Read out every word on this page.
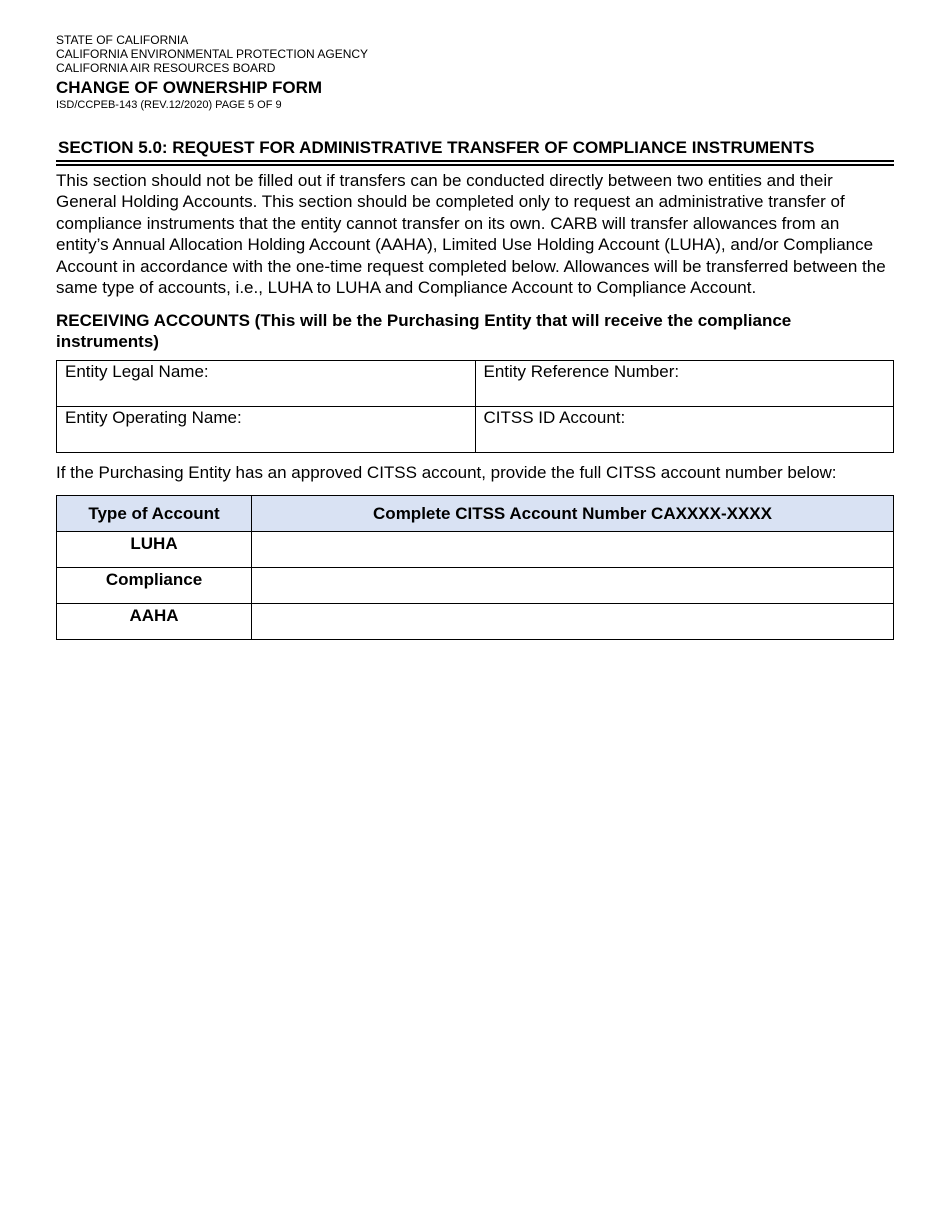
STATE OF CALIFORNIA
CALIFORNIA ENVIRONMENTAL PROTECTION AGENCY
CALIFORNIA AIR RESOURCES BOARD
CHANGE OF OWNERSHIP FORM
ISD/CCPEB-143 (REV.12/2020) PAGE 5 OF 9
SECTION 5.0: REQUEST FOR ADMINISTRATIVE TRANSFER OF COMPLIANCE INSTRUMENTS
This section should not be filled out if transfers can be conducted directly between two entities and their General Holding Accounts. This section should be completed only to request an administrative transfer of compliance instruments that the entity cannot transfer on its own. CARB will transfer allowances from an entity’s Annual Allocation Holding Account (AAHA), Limited Use Holding Account (LUHA), and/or Compliance Account in accordance with the one-time request completed below. Allowances will be transferred between the same type of accounts, i.e., LUHA to LUHA and Compliance Account to Compliance Account.
RECEIVING ACCOUNTS (This will be the Purchasing Entity that will receive the compliance instruments)
Entity Legal Name:	Entity Reference Number:
Entity Operating Name:	CITSS ID Account:
If the Purchasing Entity has an approved CITSS account, provide the full CITSS account number below:
Type of Account	Complete CITSS Account Number CAXXXX-XXXX
LUHA	
Compliance	
AAHA	
